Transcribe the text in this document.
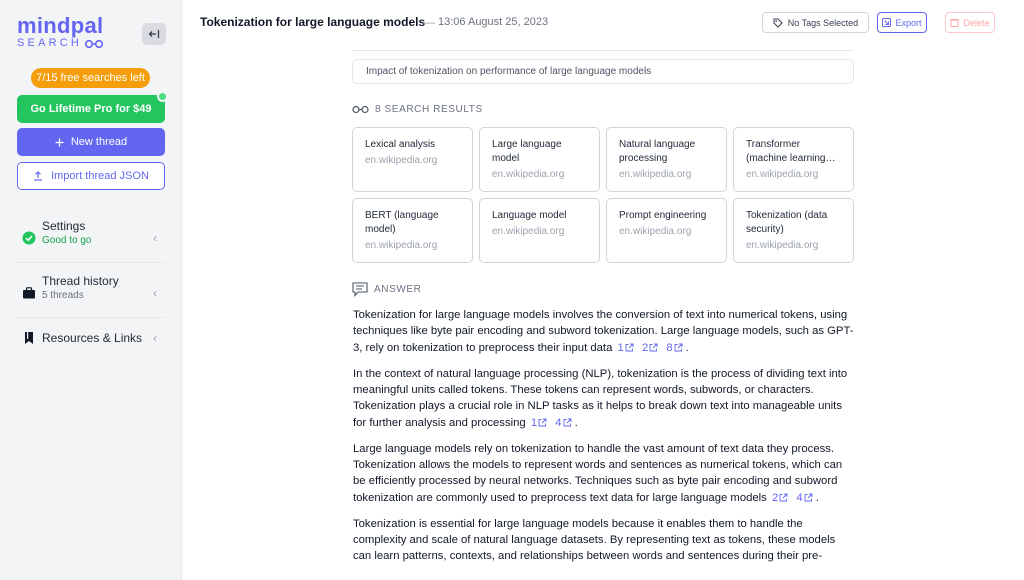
mindpal
SEARCH
7/15 free searches left
Go Lifetime Pro for $49
New thread
Import thread JSON
Settings
Good to go	‹
Thread history
5 threads	‹
Resources & Links ‹
Tokenization for large language models
— 13:06 August 25, 2023	No Tags Selected	Export	Delete
Impact of tokenization on performance of large language models
8 SEARCH RESULTS
Lexical analysis
en.wikipedia.org
Large language model
en.wikipedia.org
Natural language processing
en.wikipedia.org
Transformer (machine learning…
en.wikipedia.org
BERT (language model)
en.wikipedia.org
Language model
en.wikipedia.org
Prompt engineering
en.wikipedia.org
Tokenization (data security)
en.wikipedia.org
ANSWER

Tokenization for large language models involves the conversion of text into numerical tokens, using techniques like byte pair encoding and subword tokenization. Large language models, such as GPT-3, rely on tokenization to preprocess their input data 1 2 8 .

In the context of natural language processing (NLP), tokenization is the process of dividing text into meaningful units called tokens. These tokens can represent words, subwords, or characters. Tokenization plays a crucial role in NLP tasks as it helps to break down text into manageable units for further analysis and processing 1 4 .

Large language models rely on tokenization to handle the vast amount of text data they process. Tokenization allows the models to represent words and sentences as numerical tokens, which can be efficiently processed by neural networks. Techniques such as byte pair encoding and subword tokenization are commonly used to preprocess text data for large language models 2 4 .

Tokenization is essential for large language models because it enables them to handle the complexity and scale of natural language datasets. By representing text as tokens, these models can learn patterns, contexts, and relationships between words and sentences during their pre-
